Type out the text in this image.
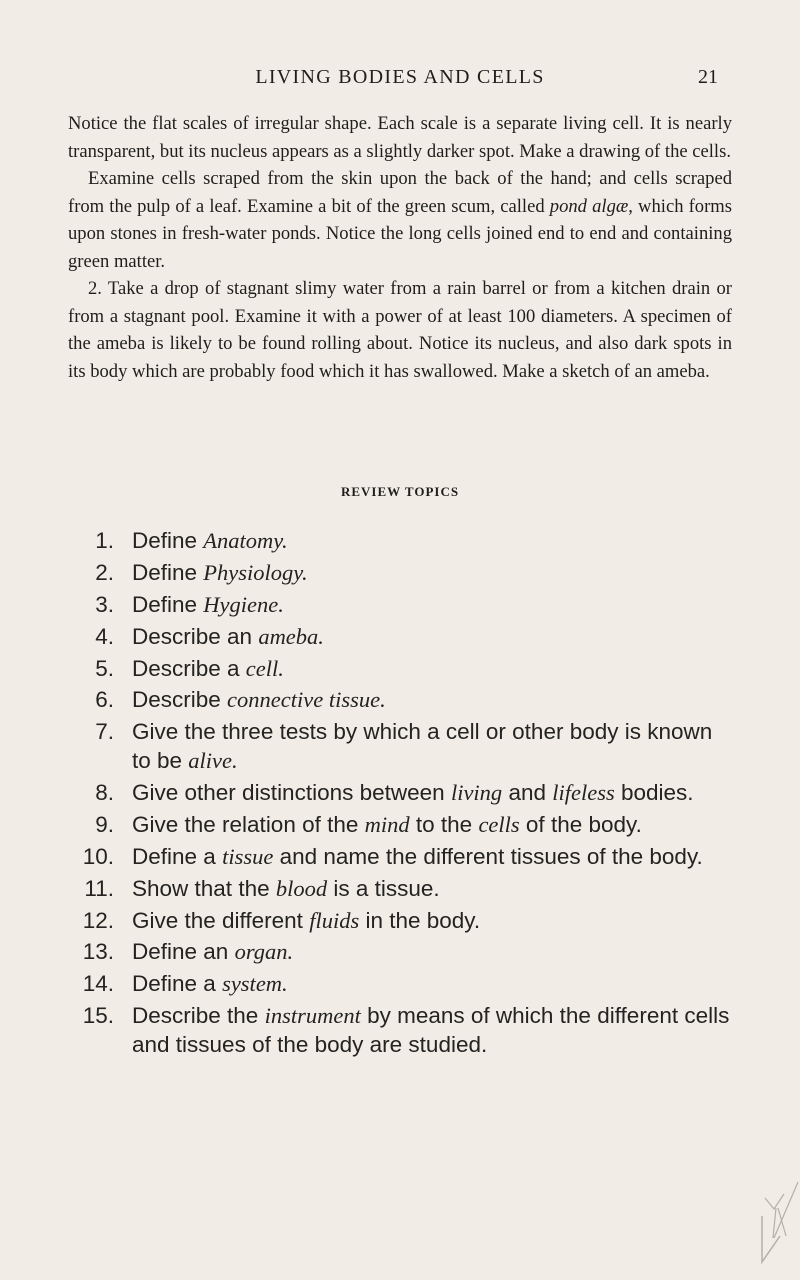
LIVING BODIES AND CELLS	21

Notice the flat scales of irregular shape. Each scale is a separate living cell. It is nearly transparent, but its nucleus appears as a slightly darker spot. Make a drawing of the cells.

Examine cells scraped from the skin upon the back of the hand; and cells scraped from the pulp of a leaf. Examine a bit of the green scum, called pond algæ, which forms upon stones in fresh-water ponds. Notice the long cells joined end to end and containing green matter.

2. Take a drop of stagnant slimy water from a rain barrel or from a kitchen drain or from a stagnant pool. Examine it with a power of at least 100 diameters. A specimen of the ameba is likely to be found rolling about. Notice its nucleus, and also dark spots in its body which are probably food which it has swallowed. Make a sketch of an ameba.

REVIEW TOPICS
1. Define Anatomy.
2. Define Physiology.
3. Define Hygiene.
4. Describe an ameba.
5. Describe a cell.
6. Describe connective tissue.
7. Give the three tests by which a cell or other body is known to be alive.
8. Give other distinctions between living and lifeless bodies.
9. Give the relation of the mind to the cells of the body.
10. Define a tissue and name the different tissues of the body.
11. Show that the blood is a tissue.
12. Give the different fluids in the body.
13. Define an organ.
14. Define a system.
15. Describe the instrument by means of which the different cells and tissues of the body are studied.
